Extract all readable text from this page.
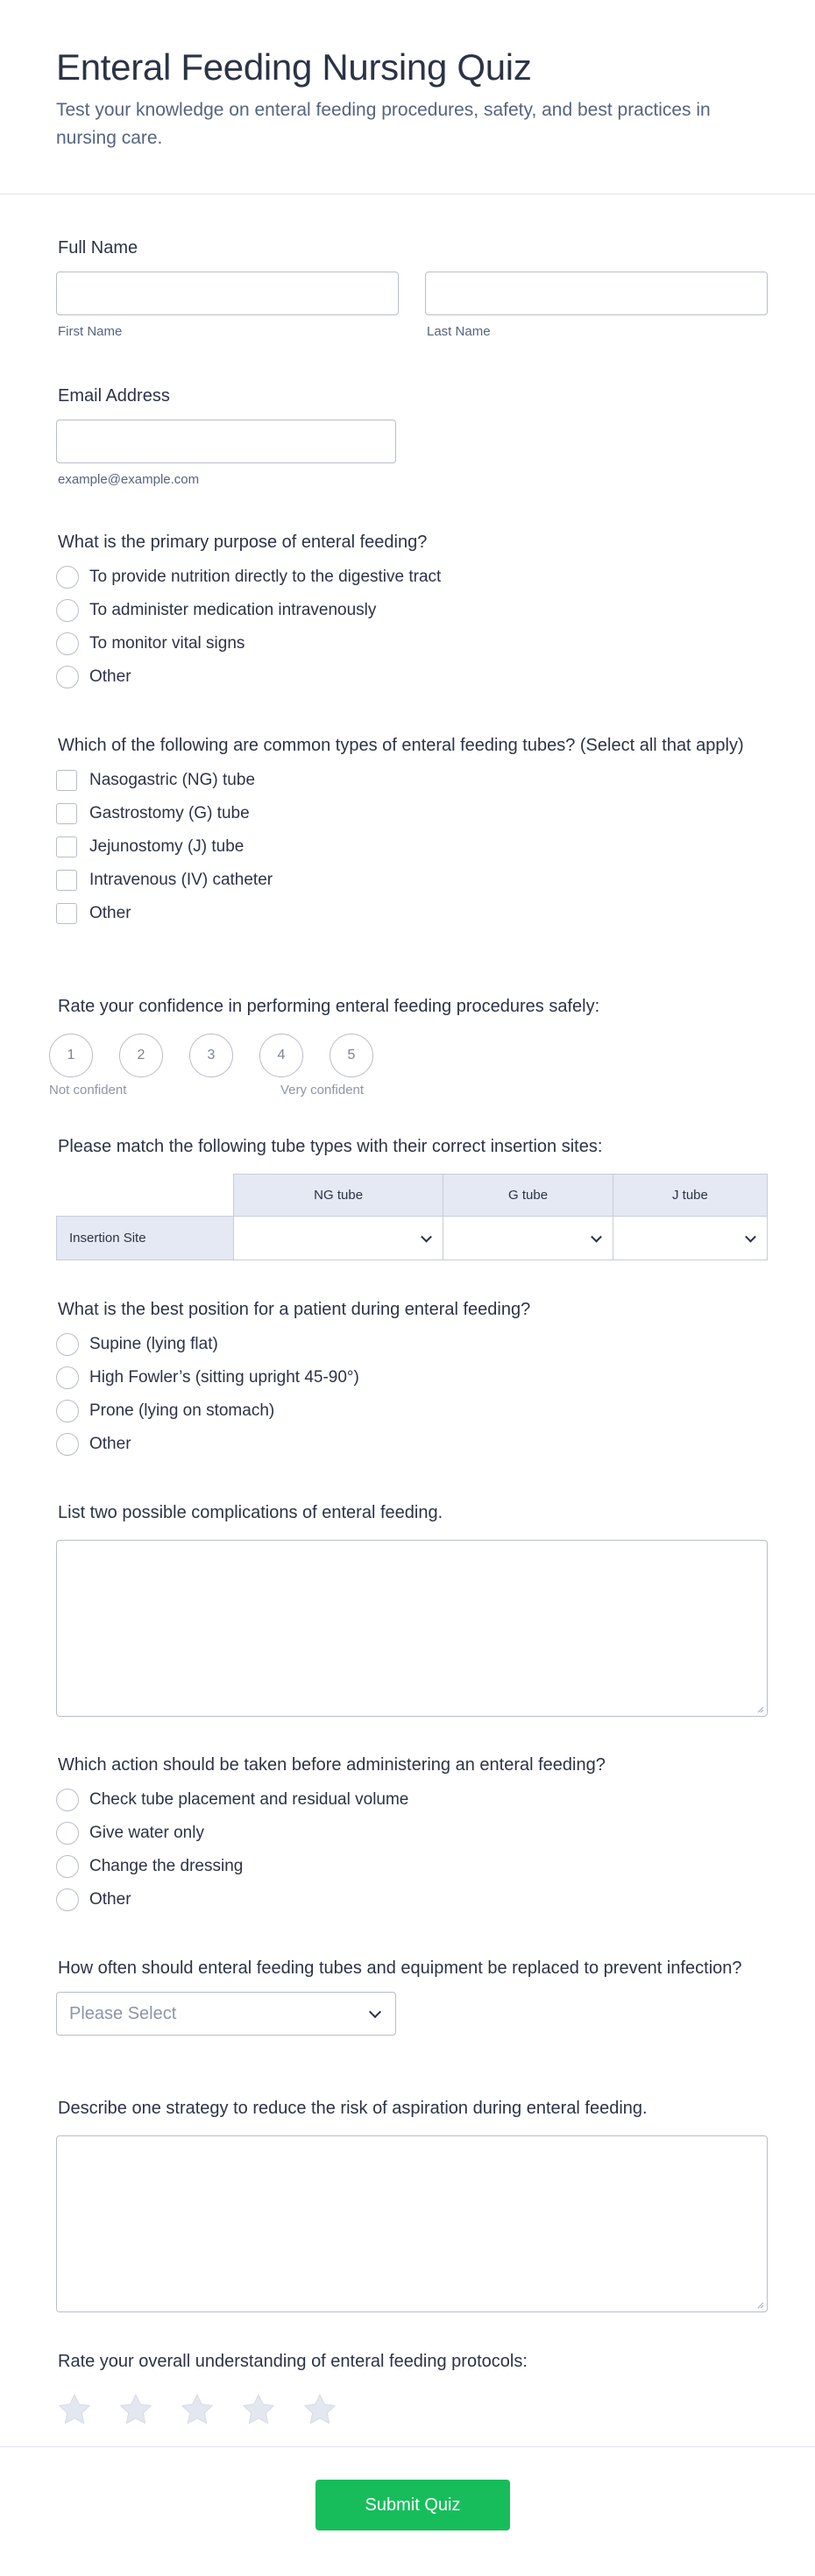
Enteral Feeding Nursing Quiz

Test your knowledge on enteral feeding procedures, safety, and best practices in nursing care.

Full Name
First Name	Last Name
Email Address
example@example.com
What is the primary purpose of enteral feeding?
To provide nutrition directly to the digestive tract
To administer medication intravenously
To monitor vital signs
Other
Which of the following are common types of enteral feeding tubes? (Select all that apply)
Nasogastric (NG) tube
Gastrostomy (G) tube
Jejunostomy (J) tube
Intravenous (IV) catheter
Other
Rate your confidence in performing enteral feeding procedures safely:
1	2	3	4	5
Not confident	Very confident
Please match the following tube types with their correct insertion sites:
	NG tube	G tube	J tube
Insertion Site	

What is the best position for a patient during enteral feeding?
Supine (lying flat)
High Fowler’s (sitting upright 45-90°)
Prone (lying on stomach)
Other
List two possible complications of enteral feeding.
Which action should be taken before administering an enteral feeding?
Check tube placement and residual volume
Give water only
Change the dressing
Other
How often should enteral feeding tubes and equipment be replaced to prevent infection?
Please Select
Describe one strategy to reduce the risk of aspiration during enteral feeding.
Rate your overall understanding of enteral feeding protocols:
Submit Quiz
